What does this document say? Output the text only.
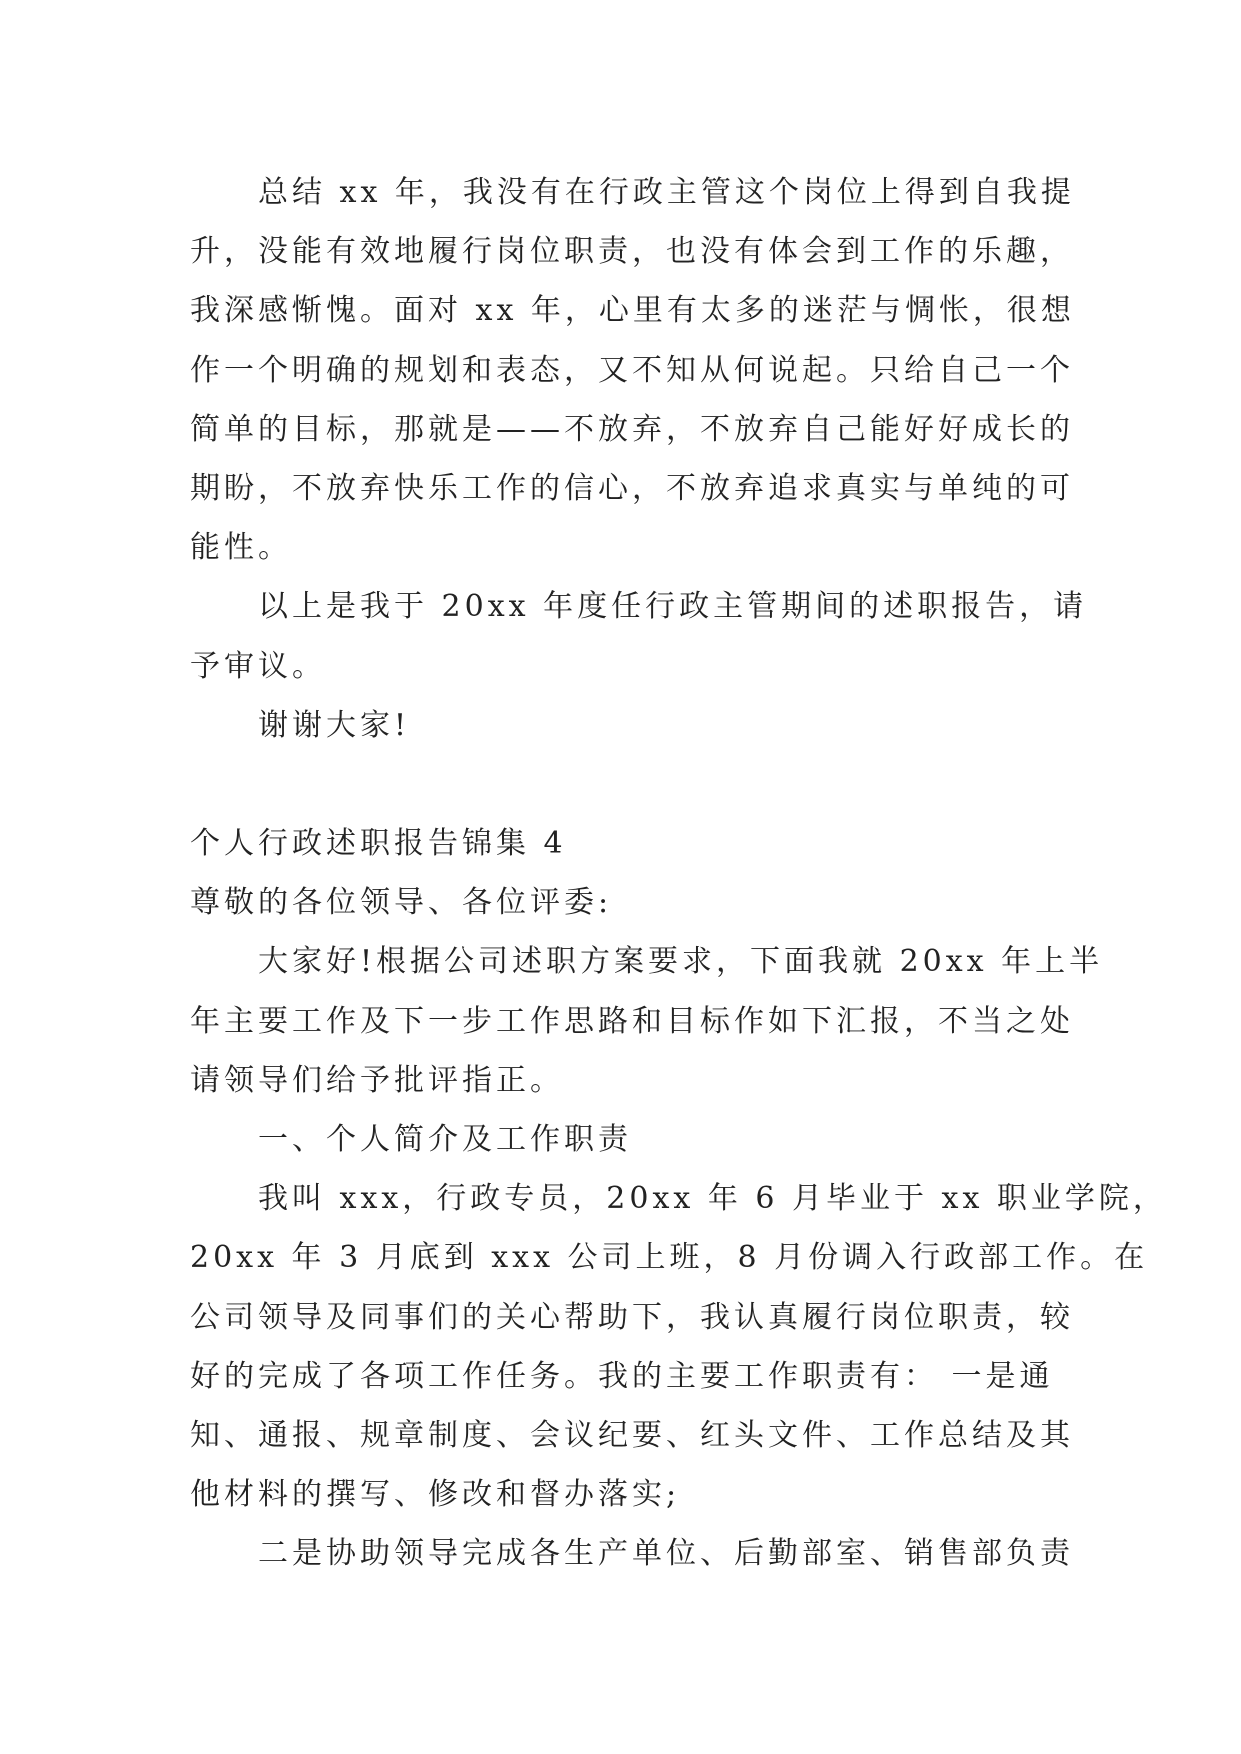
总结 xx 年，我没有在行政主管这个岗位上得到自我提
升，没能有效地履行岗位职责，也没有体会到工作的乐趣，
我深感惭愧。面对 xx 年，心里有太多的迷茫与惆怅，很想
作一个明确的规划和表态，又不知从何说起。只给自己一个
简单的目标，那就是——不放弃，不放弃自己能好好成长的
期盼，不放弃快乐工作的信心，不放弃追求真实与单纯的可
能性。
以上是我于 20xx 年度任行政主管期间的述职报告，请
予审议。
谢谢大家!
个人行政述职报告锦集 4
尊敬的各位领导、各位评委:
大家好!根据公司述职方案要求，下面我就 20xx 年上半
年主要工作及下一步工作思路和目标作如下汇报，不当之处
请领导们给予批评指正。
一、个人简介及工作职责
我叫 xxx，行政专员，20xx 年 6 月毕业于 xx 职业学院，
20xx 年 3 月底到 xxx 公司上班，8 月份调入行政部工作。在
公司领导及同事们的关心帮助下，我认真履行岗位职责，较
好的完成了各项工作任务。我的主要工作职责有： 一是通
知、通报、规章制度、会议纪要、红头文件、工作总结及其
他材料的撰写、修改和督办落实;
二是协助领导完成各生产单位、后勤部室、销售部负责
